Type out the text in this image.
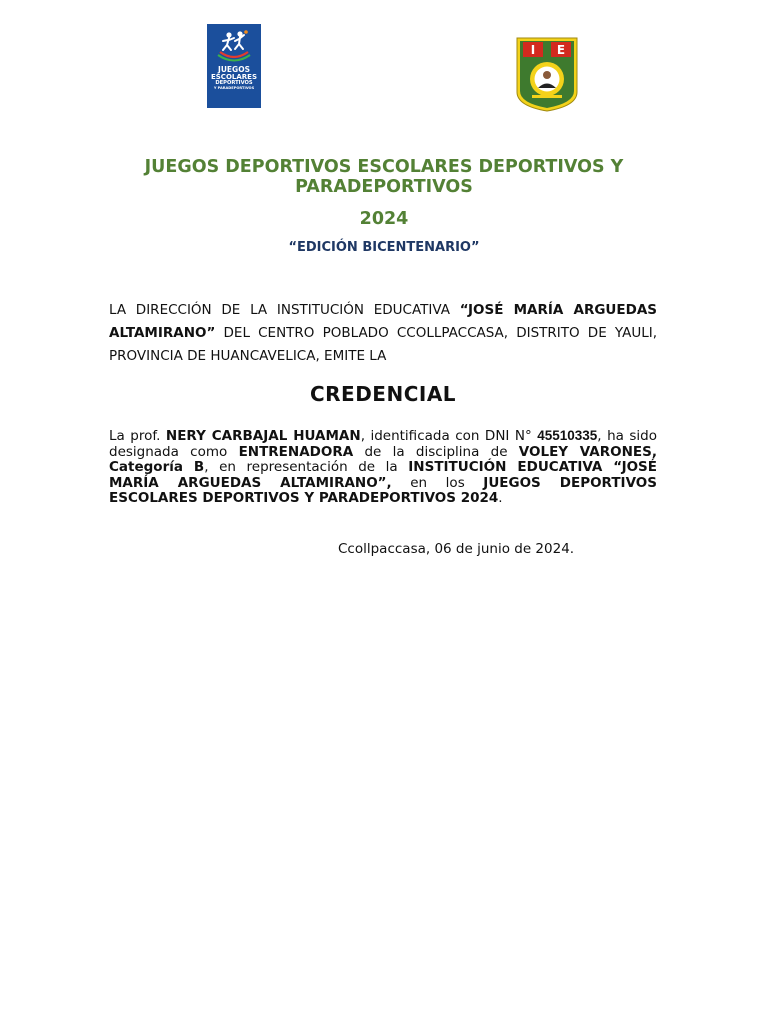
JUEGOS
ESCOLARES
DEPORTIVOS
Y PARADEPORTIVOS
I E
JUEGOS DEPORTIVOS ESCOLARES DEPORTIVOS Y PARADEPORTIVOS
2024
“EDICIÓN BICENTENARIO”
LA DIRECCIÓN DE LA INSTITUCIÓN EDUCATIVA “JOSÉ MARÍA ARGUEDAS ALTAMIRANO” DEL CENTRO POBLADO CCOLLPACCASA, DISTRITO DE YAULI, PROVINCIA DE HUANCAVELICA, EMITE LA
CREDENCIAL
La prof. NERY CARBAJAL HUAMAN, identificada con DNI N° 45510335, ha sido designada como ENTRENADORA de la disciplina de VOLEY VARONES, Categoría B, en representación de la INSTITUCIÓN EDUCATIVA “JOSÉ MARÍA ARGUEDAS ALTAMIRANO”, en los JUEGOS DEPORTIVOS ESCOLARES DEPORTIVOS Y PARADEPORTIVOS 2024.
Ccollpaccasa, 06 de junio de 2024.
